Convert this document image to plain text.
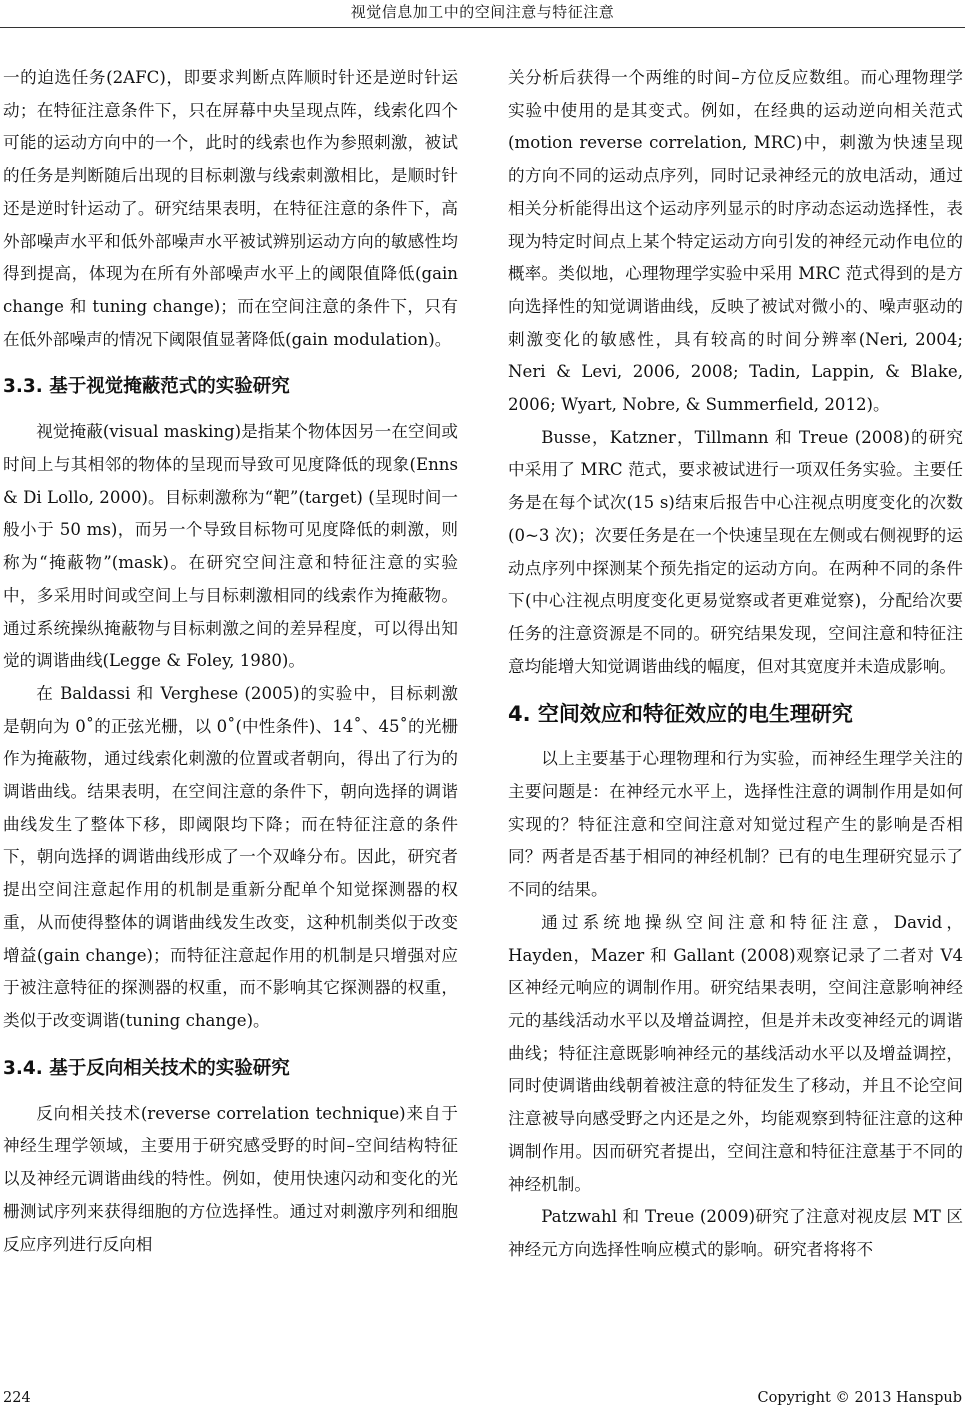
视觉信息加工中的空间注意与特征注意

一的迫选任务(2AFC)，即要求判断点阵顺时针还是逆时针运动；在特征注意条件下，只在屏幕中央呈现点阵，线索化四个可能的运动方向中的一个，此时的线索也作为参照刺激，被试的任务是判断随后出现的目标刺激与线索刺激相比，是顺时针还是逆时针运动了。研究结果表明，在特征注意的条件下，高外部噪声水平和低外部噪声水平被试辨别运动方向的敏感性均得到提高，体现为在所有外部噪声水平上的阈限值降低(gain change 和 tuning change)；而在空间注意的条件下，只有在低外部噪声的情况下阈限值显著降低(gain modulation)。

3.3. 基于视觉掩蔽范式的实验研究

视觉掩蔽(visual masking)是指某个物体因另一在空间或时间上与其相邻的物体的呈现而导致可见度降低的现象(Enns & Di Lollo, 2000)。目标刺激称为“靶”(target) (呈现时间一般小于 50 ms)，而另一个导致目标物可见度降低的刺激，则称为“掩蔽物”(mask)。在研究空间注意和特征注意的实验中，多采用时间或空间上与目标刺激相同的线索作为掩蔽物。通过系统操纵掩蔽物与目标刺激之间的差异程度，可以得出知觉的调谐曲线(Legge & Foley, 1980)。

在 Baldassi 和 Verghese (2005)的实验中，目标刺激是朝向为 0˚的正弦光栅，以 0˚(中性条件)、14˚、45˚的光栅作为掩蔽物，通过线索化刺激的位置或者朝向，得出了行为的调谐曲线。结果表明，在空间注意的条件下，朝向选择的调谐曲线发生了整体下移，即阈限均下降；而在特征注意的条件下，朝向选择的调谐曲线形成了一个双峰分布。因此，研究者提出空间注意起作用的机制是重新分配单个知觉探测器的权重，从而使得整体的调谐曲线发生改变，这种机制类似于改变增益(gain change)；而特征注意起作用的机制是只增强对应于被注意特征的探测器的权重，而不影响其它探测器的权重，类似于改变调谐(tuning change)。

3.4. 基于反向相关技术的实验研究

反向相关技术(reverse correlation technique)来自于神经生理学领域，主要用于研究感受野的时间–空间结构特征以及神经元调谐曲线的特性。例如，使用快速闪动和变化的光栅测试序列来获得细胞的方位选择性。通过对刺激序列和细胞反应序列进行反向相

关分析后获得一个两维的时间–方位反应数组。而心理物理学实验中使用的是其变式。例如，在经典的运动逆向相关范式(motion reverse correlation, MRC)中，刺激为快速呈现的方向不同的运动点序列，同时记录神经元的放电活动，通过相关分析能得出这个运动序列显示的时序动态运动选择性，表现为特定时间点上某个特定运动方向引发的神经元动作电位的概率。类似地，心理物理学实验中采用 MRC 范式得到的是方向选择性的知觉调谐曲线，反映了被试对微小的、噪声驱动的刺激变化的敏感性，具有较高的时间分辨率(Neri, 2004; Neri & Levi, 2006, 2008; Tadin, Lappin, & Blake, 2006; Wyart, Nobre, & Summerfield, 2012)。

Busse，Katzner，Tillmann 和 Treue (2008)的研究中采用了 MRC 范式，要求被试进行一项双任务实验。主要任务是在每个试次(15 s)结束后报告中心注视点明度变化的次数(0~3 次)；次要任务是在一个快速呈现在左侧或右侧视野的运动点序列中探测某个预先指定的运动方向。在两种不同的条件下(中心注视点明度变化更易觉察或者更难觉察)，分配给次要任务的注意资源是不同的。研究结果发现，空间注意和特征注意均能增大知觉调谐曲线的幅度，但对其宽度并未造成影响。

4. 空间效应和特征效应的电生理研究

以上主要基于心理物理和行为实验，而神经生理学关注的主要问题是：在神经元水平上，选择性注意的调制作用是如何实现的？特征注意和空间注意对知觉过程产生的影响是否相同？两者是否基于相同的神经机制？已有的电生理研究显示了不同的结果。

通过系统地操纵空间注意和特征注意，David，Hayden，Mazer 和 Gallant (2008)观察记录了二者对 V4 区神经元响应的调制作用。研究结果表明，空间注意影响神经元的基线活动水平以及增益调控，但是并未改变神经元的调谐曲线；特征注意既影响神经元的基线活动水平以及增益调控，同时使调谐曲线朝着被注意的特征发生了移动，并且不论空间注意被导向感受野之内还是之外，均能观察到特征注意的这种调制作用。因而研究者提出，空间注意和特征注意基于不同的神经机制。

Patzwahl 和 Treue (2009)研究了注意对视皮层 MT 区神经元方向选择性响应模式的影响。研究者将将不

224	Copyright © 2013 Hanspub
